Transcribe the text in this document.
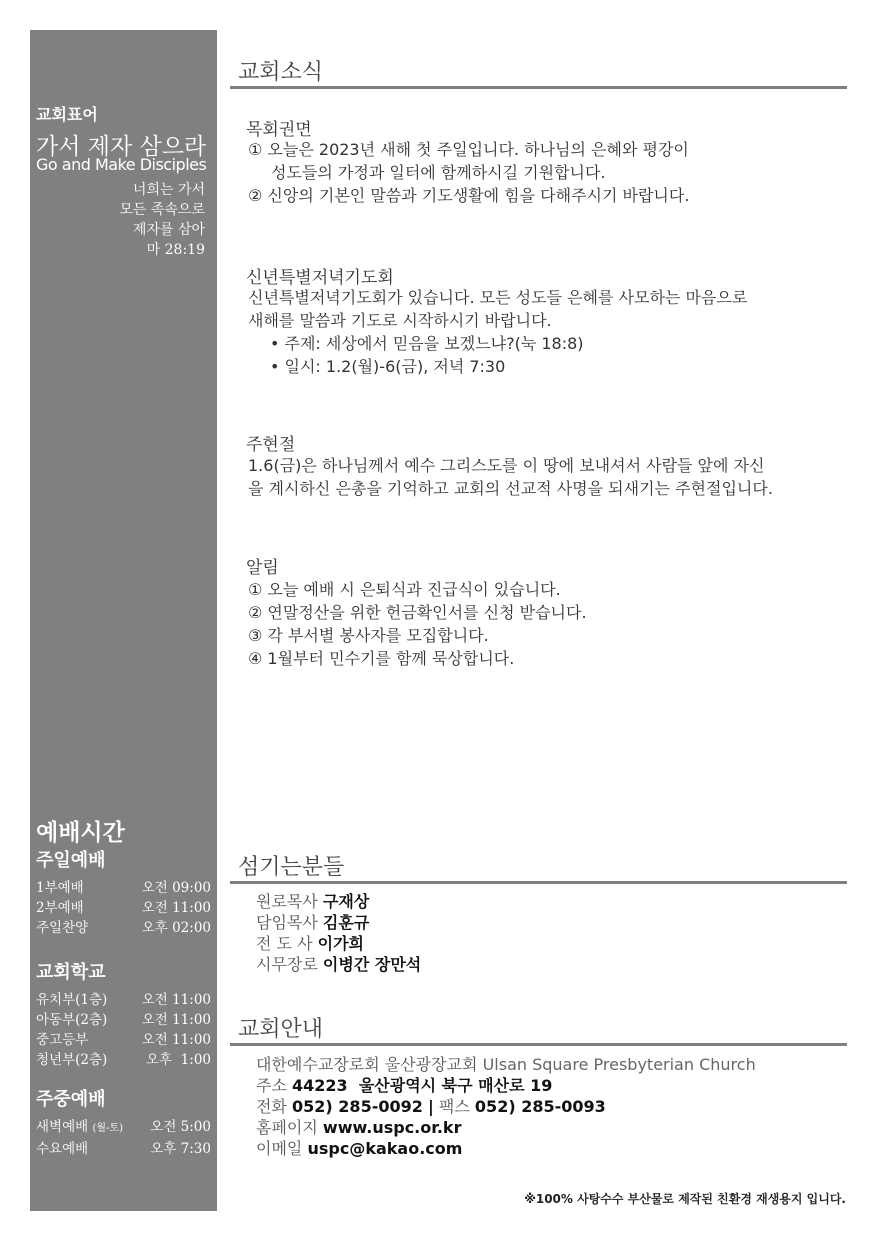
교회표어
가서 제자 삼으라
Go and Make Disciples
너희는 가서
모든 족속으로
제자를 삼아
마 28:19
예배시간
주일예배
1부예배	오전 09:00
2부예배	오전 11:00
주일찬양	오후 02:00
교회학교
유치부(1층)	오전 11:00
아동부(2층)	오전 11:00
중고등부	오전 11:00
청년부(2층)	오후  1:00
주중예배
새벽예배 (월-토) 오전 5:00
수요예배	오후 7:30
교회소식
목회권면
① 오늘은 2023년 새해 첫 주일입니다. 하나님의 은혜와 평강이
성도들의 가정과 일터에 함께하시길 기원합니다.
② 신앙의 기본인 말씀과 기도생활에 힘을 다해주시기 바랍니다.
신년특별저녁기도회
신년특별저녁기도회가 있습니다. 모든 성도들 은혜를 사모하는 마음으로
새해를 말씀과 기도로 시작하시기 바랍니다.
• 주제: 세상에서 믿음을 보겠느냐?(눅 18:8)
• 일시: 1.2(월)-6(금), 저녁 7:30
주현절
1.6(금)은 하나님께서 예수 그리스도를 이 땅에 보내셔서 사람들 앞에 자신
을 계시하신 은총을 기억하고 교회의 선교적 사명을 되새기는 주현절입니다.
알림
① 오늘 예배 시 은퇴식과 진급식이 있습니다.
② 연말정산을 위한 헌금확인서를 신청 받습니다.
③ 각 부서별 봉사자를 모집합니다.
④ 1월부터 민수기를 함께 묵상합니다.
섬기는분들
원로목사 구재상
담임목사 김훈규
전 도 사 이가희
시무장로 이병간 장만석
교회안내
대한예수교장로회 울산광장교회 Ulsan Square Presbyterian Church
주소 44223  울산광역시 북구 매산로 19
전화 052) 285-0092 | 팩스 052) 285-0093
홈페이지 www.uspc.or.kr
이메일 uspc@kakao.com
※100% 사탕수수 부산물로 제작된 친환경 재생용지 입니다.
